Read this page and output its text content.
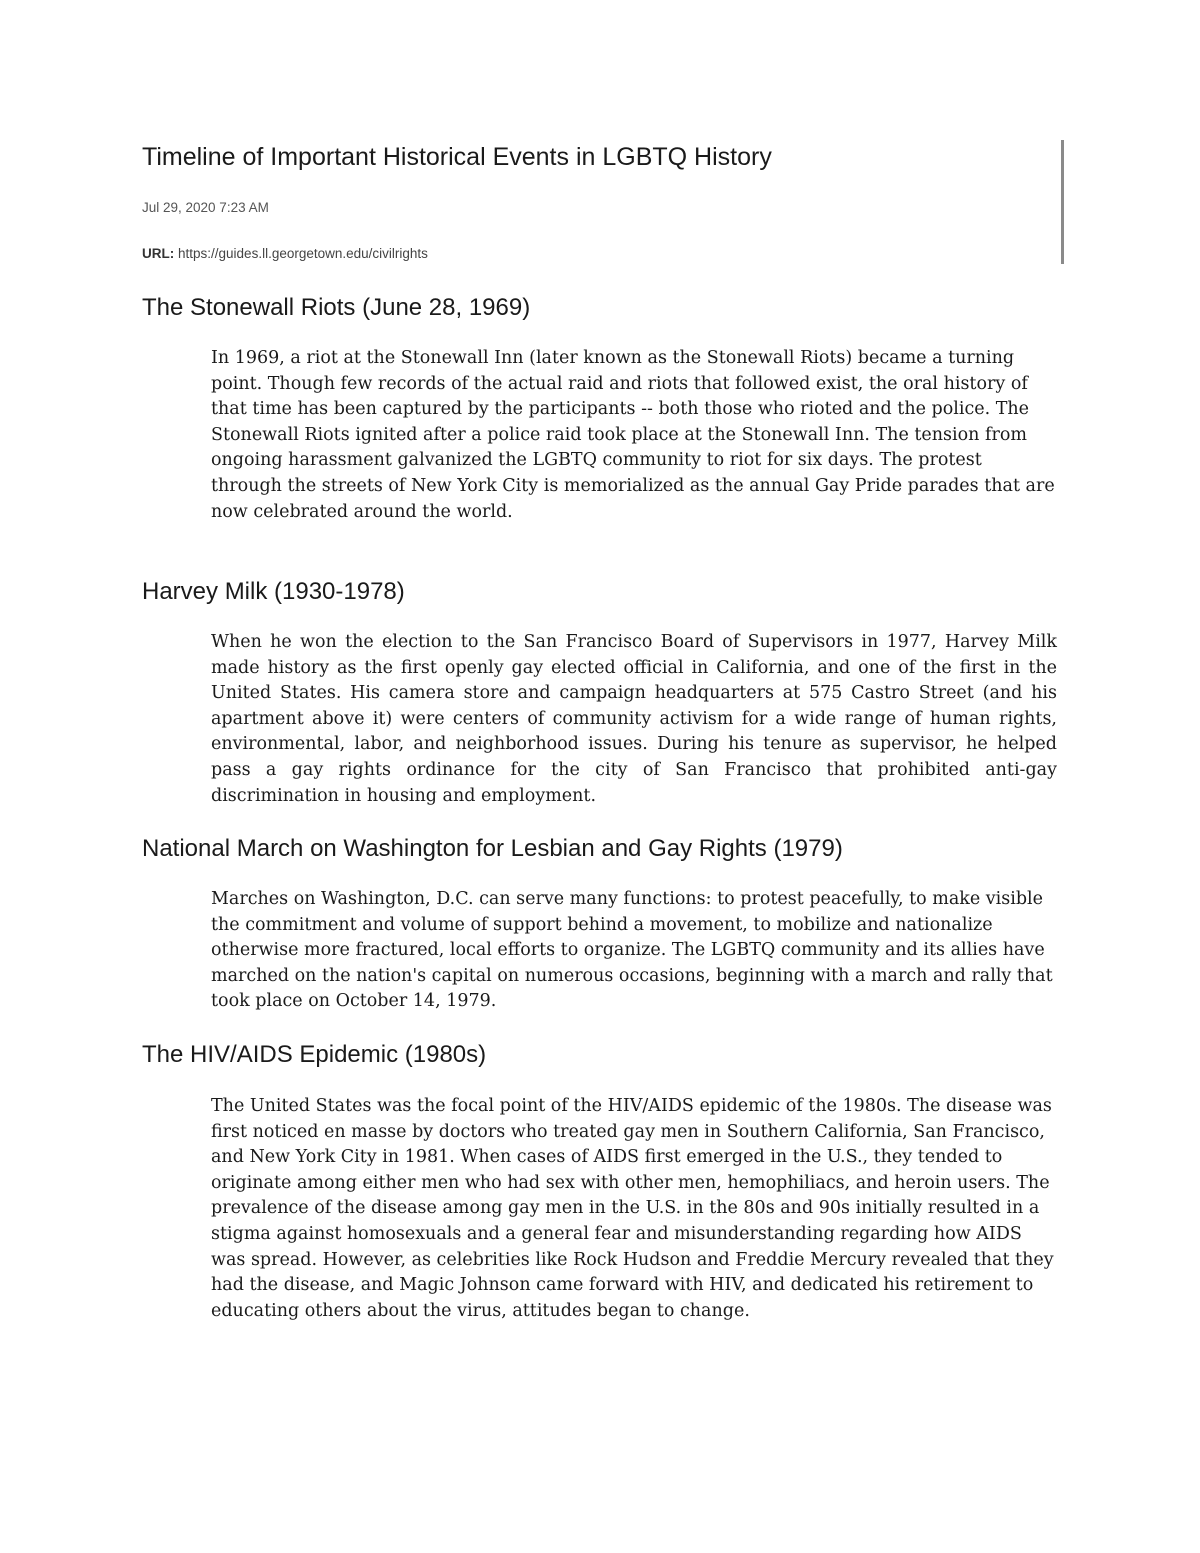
Timeline of Important Historical Events in LGBTQ History
Jul 29, 2020 7:23 AM
URL: https://guides.ll.georgetown.edu/civilrights
The Stonewall Riots (June 28, 1969)

In 1969, a riot at the Stonewall Inn (later known as the Stonewall Riots) became a turning point. Though few records of the actual raid and riots that followed exist, the oral history of that time has been captured by the participants -- both those who rioted and the police. The Stonewall Riots ignited after a police raid took place at the Stonewall Inn. The tension from ongoing harassment galvanized the LGBTQ community to riot for six days. The protest through the streets of New York City is memorialized as the annual Gay Pride parades that are now celebrated around the world.

Harvey Milk (1930-1978)

When he won the election to the San Francisco Board of Supervisors in 1977, Harvey Milk made history as the first openly gay elected official in California, and one of the first in the United States. His camera store and campaign headquarters at 575 Castro Street (and his apartment above it) were centers of community activism for a wide range of human rights, environmental, labor, and neighborhood issues. During his tenure as supervisor, he helped pass a gay rights ordinance for the city of San Francisco that prohibited anti-gay discrimination in housing and employment.

National March on Washington for Lesbian and Gay Rights (1979)

Marches on Washington, D.C. can serve many functions: to protest peacefully, to make visible the commitment and volume of support behind a movement, to mobilize and nationalize otherwise more fractured, local efforts to organize. The LGBTQ community and its allies have marched on the nation's capital on numerous occasions, beginning with a march and rally that took place on October 14, 1979.

The HIV/AIDS Epidemic (1980s)

The United States was the focal point of the HIV/AIDS epidemic of the 1980s. The disease was first noticed en masse by doctors who treated gay men in Southern California, San Francisco, and New York City in 1981. When cases of AIDS first emerged in the U.S., they tended to originate among either men who had sex with other men, hemophiliacs, and heroin users. The prevalence of the disease among gay men in the U.S. in the 80s and 90s initially resulted in a stigma against homosexuals and a general fear and misunderstanding regarding how AIDS was spread. However, as celebrities like Rock Hudson and Freddie Mercury revealed that they had the disease, and Magic Johnson came forward with HIV, and dedicated his retirement to educating others about the virus, attitudes began to change.
